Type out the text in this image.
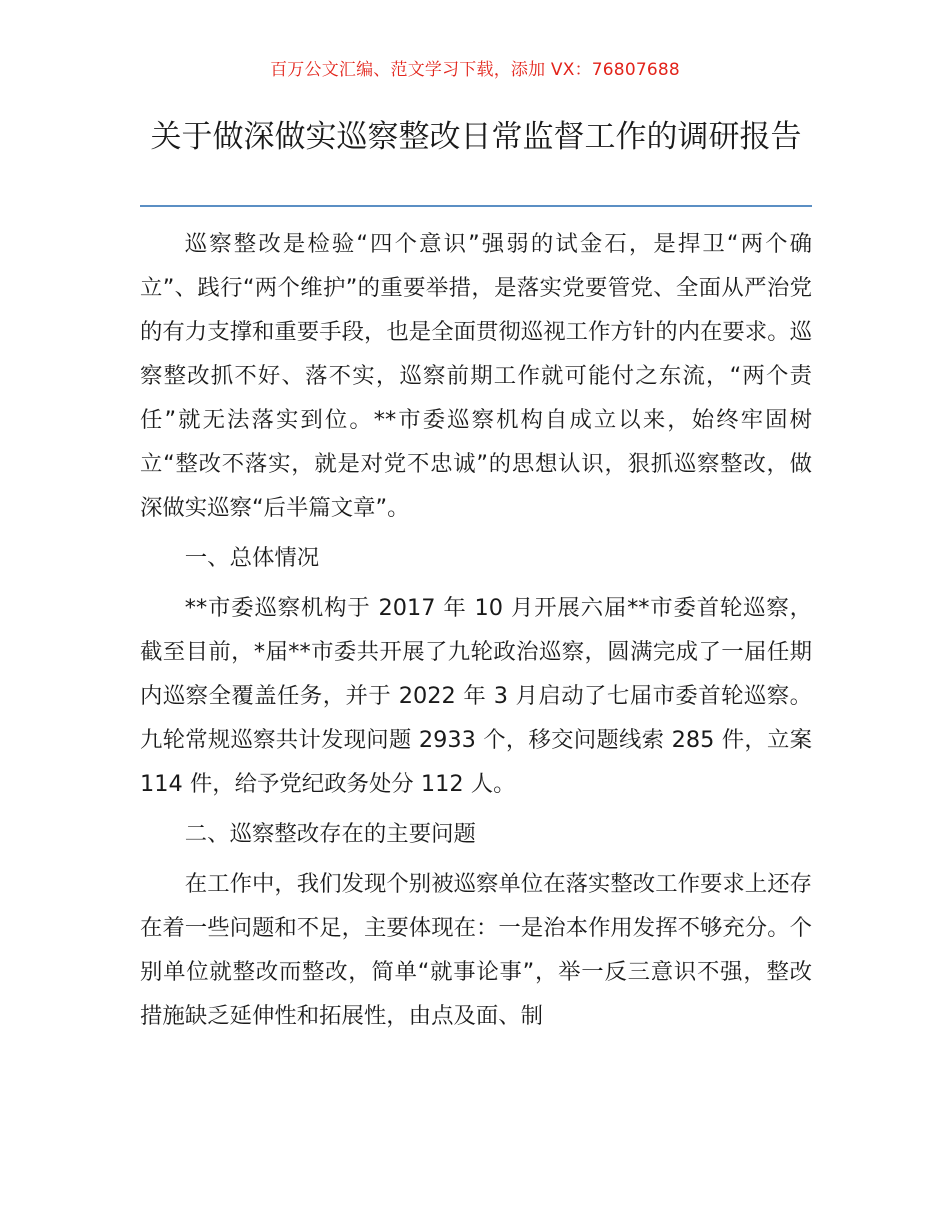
百万公文汇编、范文学习下载，添加 VX：76807688
关于做深做实巡察整改日常监督工作的调研报告

巡察整改是检验“四个意识”强弱的试金石，是捍卫“两个确立”、践行“两个维护”的重要举措，是落实党要管党、全面从严治党的有力支撑和重要手段，也是全面贯彻巡视工作方针的内在要求。巡察整改抓不好、落不实，巡察前期工作就可能付之东流，“两个责任”就无法落实到位。**市委巡察机构自成立以来，始终牢固树立“整改不落实，就是对党不忠诚”的思想认识，狠抓巡察整改，做深做实巡察“后半篇文章”。

一、总体情况

**市委巡察机构于 2017 年 10 月开展六届**市委首轮巡察，截至目前，*届**市委共开展了九轮政治巡察，圆满完成了一届任期内巡察全覆盖任务，并于 2022 年 3 月启动了七届市委首轮巡察。九轮常规巡察共计发现问题 2933 个，移交问题线索 285 件，立案 114 件，给予党纪政务处分 112 人。

二、巡察整改存在的主要问题

在工作中，我们发现个别被巡察单位在落实整改工作要求上还存在着一些问题和不足，主要体现在：一是治本作用发挥不够充分。个别单位就整改而整改，简单“就事论事”，举一反三意识不强，整改措施缺乏延伸性和拓展性，由点及面、制
